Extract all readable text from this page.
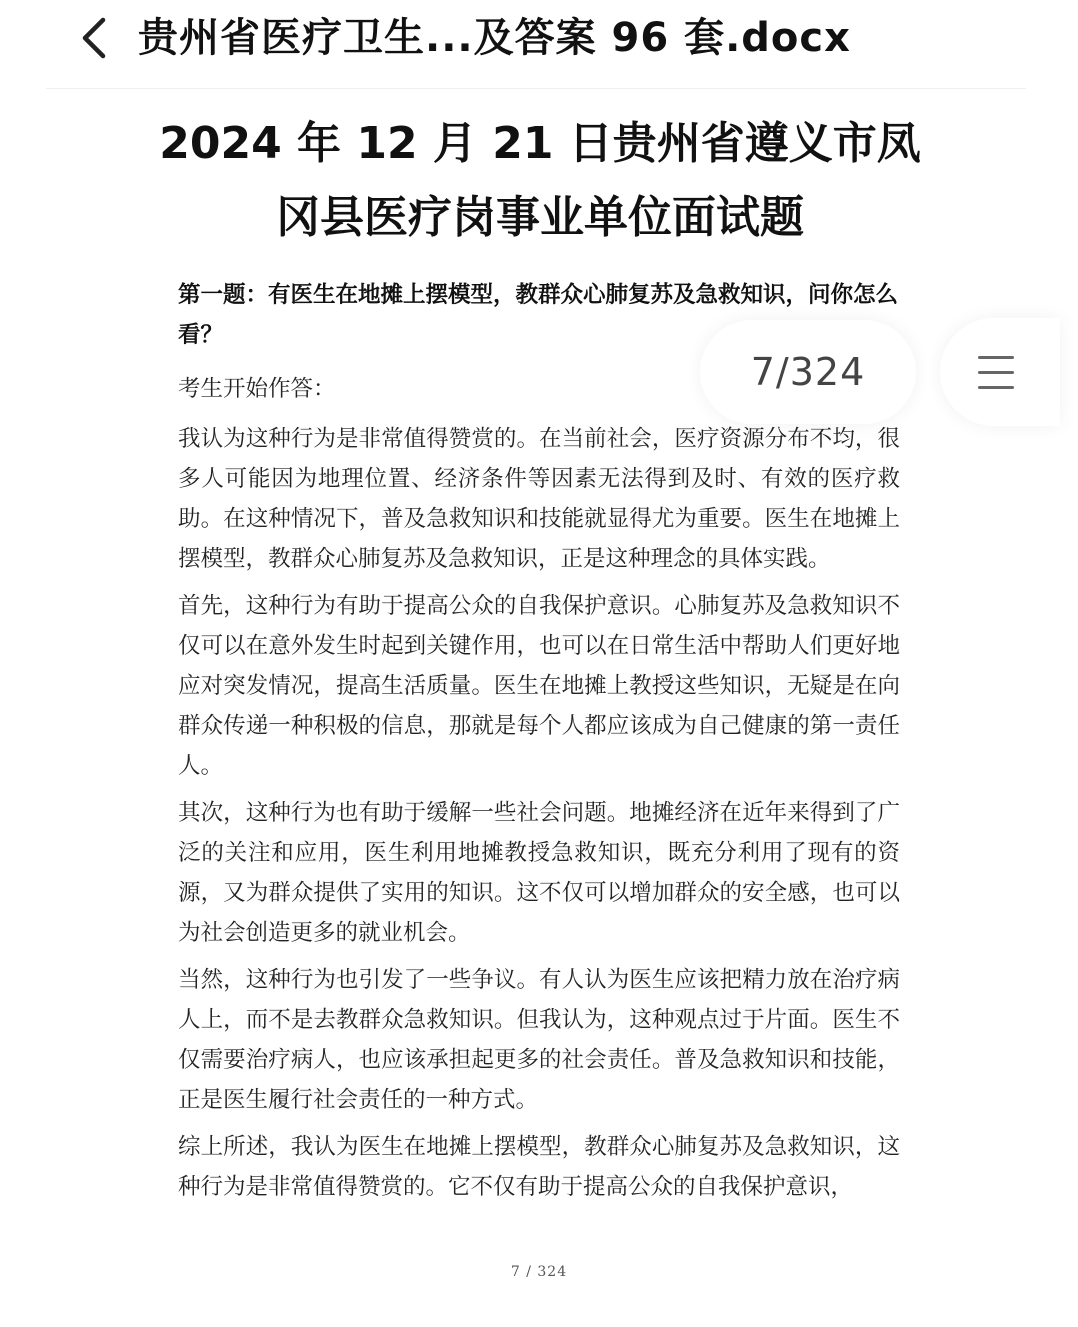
贵州省医疗卫生...及答案 96 套.docx
2024 年 12 月 21 日贵州省遵义市凤冈县医疗岗事业单位面试题

第一题：有医生在地摊上摆模型，教群众心肺复苏及急救知识，问你怎么看？

考生开始作答：

我认为这种行为是非常值得赞赏的。在当前社会，医疗资源分布不均，很多人可能因为地理位置、经济条件等因素无法得到及时、有效的医疗救助。在这种情况下，普及急救知识和技能就显得尤为重要。医生在地摊上摆模型，教群众心肺复苏及急救知识，正是这种理念的具体实践。

首先，这种行为有助于提高公众的自我保护意识。心肺复苏及急救知识不仅可以在意外发生时起到关键作用，也可以在日常生活中帮助人们更好地应对突发情况，提高生活质量。医生在地摊上教授这些知识，无疑是在向群众传递一种积极的信息，那就是每个人都应该成为自己健康的第一责任人。

其次，这种行为也有助于缓解一些社会问题。地摊经济在近年来得到了广泛的关注和应用，医生利用地摊教授急救知识，既充分利用了现有的资源，又为群众提供了实用的知识。这不仅可以增加群众的安全感，也可以为社会创造更多的就业机会。

当然，这种行为也引发了一些争议。有人认为医生应该把精力放在治疗病人上，而不是去教群众急救知识。但我认为，这种观点过于片面。医生不仅需要治疗病人，也应该承担起更多的社会责任。普及急救知识和技能，正是医生履行社会责任的一种方式。

综上所述，我认为医生在地摊上摆模型，教群众心肺复苏及急救知识，这种行为是非常值得赞赏的。它不仅有助于提高公众的自我保护意识，

7 / 324
7/324
